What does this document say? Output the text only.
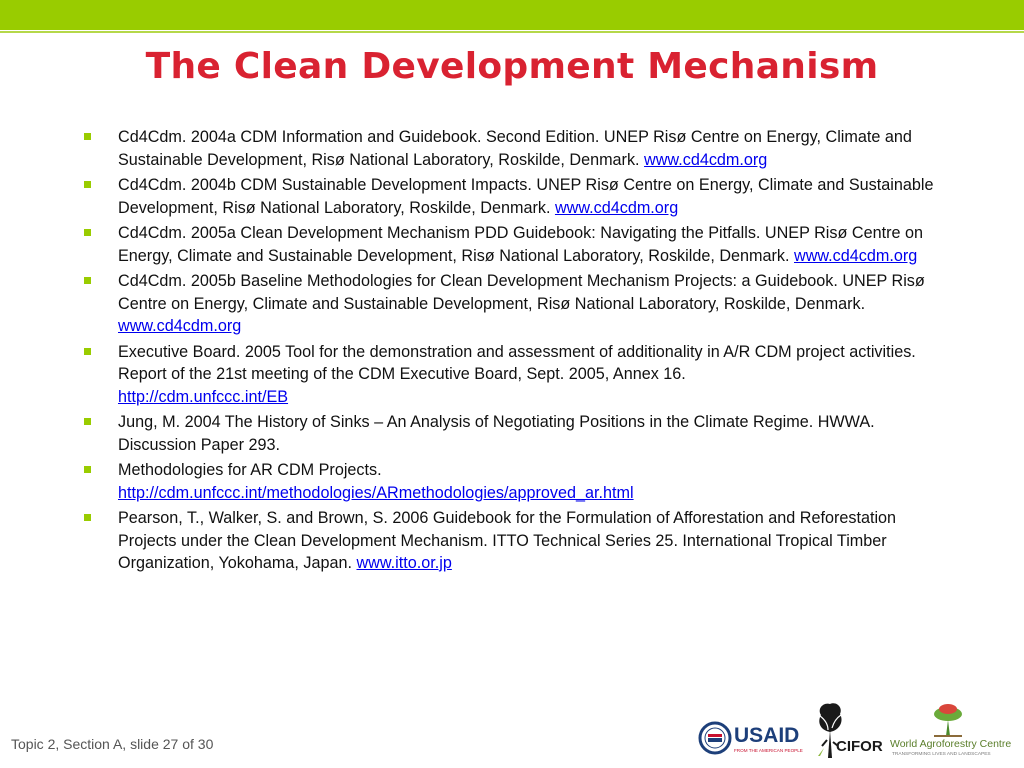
The Clean Development Mechanism
Cd4Cdm. 2004a CDM Information and Guidebook. Second Edition. UNEP Risø Centre on Energy, Climate and Sustainable Development, Risø National Laboratory, Roskilde, Denmark. www.cd4cdm.org
Cd4Cdm. 2004b CDM Sustainable Development Impacts. UNEP Risø Centre on Energy, Climate and Sustainable Development, Risø National Laboratory, Roskilde, Denmark. www.cd4cdm.org
Cd4Cdm. 2005a Clean Development Mechanism PDD Guidebook: Navigating the Pitfalls. UNEP Risø Centre on Energy, Climate and Sustainable Development, Risø National Laboratory, Roskilde, Denmark. www.cd4cdm.org
Cd4Cdm. 2005b Baseline Methodologies for Clean Development Mechanism Projects: a Guidebook. UNEP Risø Centre on Energy, Climate and Sustainable Development, Risø National Laboratory, Roskilde, Denmark. www.cd4cdm.org
Executive Board. 2005 Tool for the demonstration and assessment of additionality in A/R CDM project activities. Report of the 21st meeting of the CDM Executive Board, Sept. 2005, Annex 16.
http://cdm.unfccc.int/EB
Jung, M. 2004 The History of Sinks – An Analysis of Negotiating Positions in the Climate Regime. HWWA. Discussion Paper 293.
Methodologies for AR CDM Projects.
http://cdm.unfccc.int/methodologies/ARmethodologies/approved_ar.html
Pearson, T., Walker, S. and Brown, S. 2006 Guidebook for the Formulation of Afforestation and Reforestation Projects under the Clean Development Mechanism. ITTO Technical Series 25. International Tropical Timber Organization, Yokohama, Japan. www.itto.or.jp
Topic 2, Section A, slide 27 of 30	USAID
FROM THE AMERICAN PEOPLE CIFOR World Agroforestry Centre
TRANSFORMING LIVES AND LANDSCAPES
